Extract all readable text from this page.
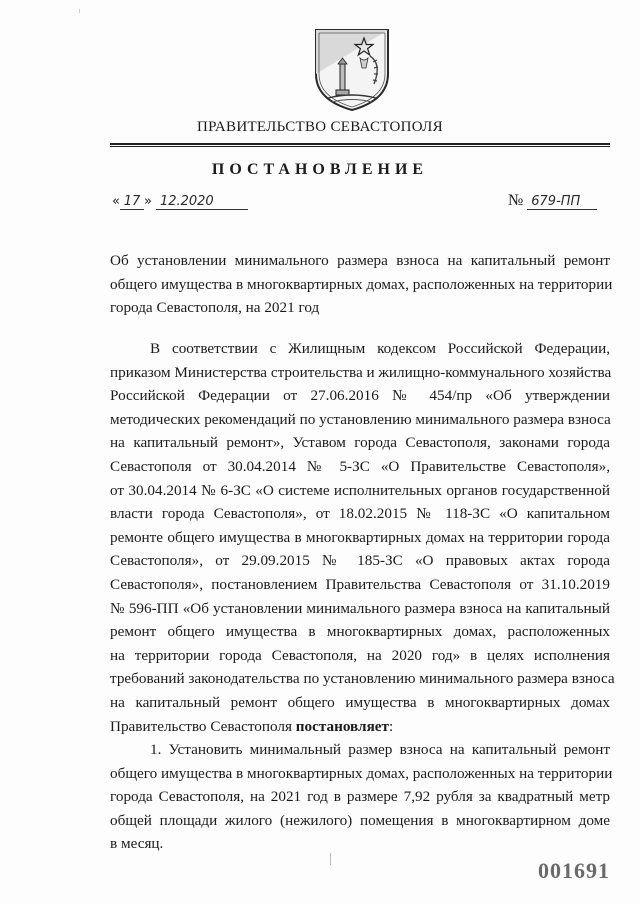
ПРАВИТЕЛЬСТВО СЕВАСТОПОЛЯ
ПОСТАНОВЛЕНИЕ
« 17 » 12.2020	№ 679-ПП
Об установлении минимального размера взноса на капитальный ремонт
общего имущества в многоквартирных домах, расположенных на территории
города Севастополя, на 2021 год
В соответствии с Жилищным кодексом Российской Федерации,
приказом Министерства строительства и жилищно-коммунального хозяйства
Российской Федерации от 27.06.2016 № 454/пр «Об утверждении
методических рекомендаций по установлению минимального размера взноса
на капитальный ремонт», Уставом города Севастополя, законами города
Севастополя от 30.04.2014 № 5-ЗС «О Правительстве Севастополя»,
от 30.04.2014 № 6-ЗС «О системе исполнительных органов государственной
власти города Севастополя», от 18.02.2015 № 118-ЗС «О капитальном
ремонте общего имущества в многоквартирных домах на территории города
Севастополя», от 29.09.2015 № 185-ЗС «О правовых актах города
Севастополя», постановлением Правительства Севастополя от 31.10.2019
№ 596-ПП «Об установлении минимального размера взноса на капитальный
ремонт общего имущества в многоквартирных домах, расположенных
на территории города Севастополя, на 2020 год» в целях исполнения
требований законодательства по установлению минимального размера взноса
на капитальный ремонт общего имущества в многоквартирных домах
Правительство Севастополя постановляет:
1. Установить минимальный размер взноса на капитальный ремонт
общего имущества в многоквартирных домах, расположенных на территории
города Севастополя, на 2021 год в размере 7,92 рубля за квадратный метр
общей площади жилого (нежилого) помещения в многоквартирном доме
в месяц.
001691
